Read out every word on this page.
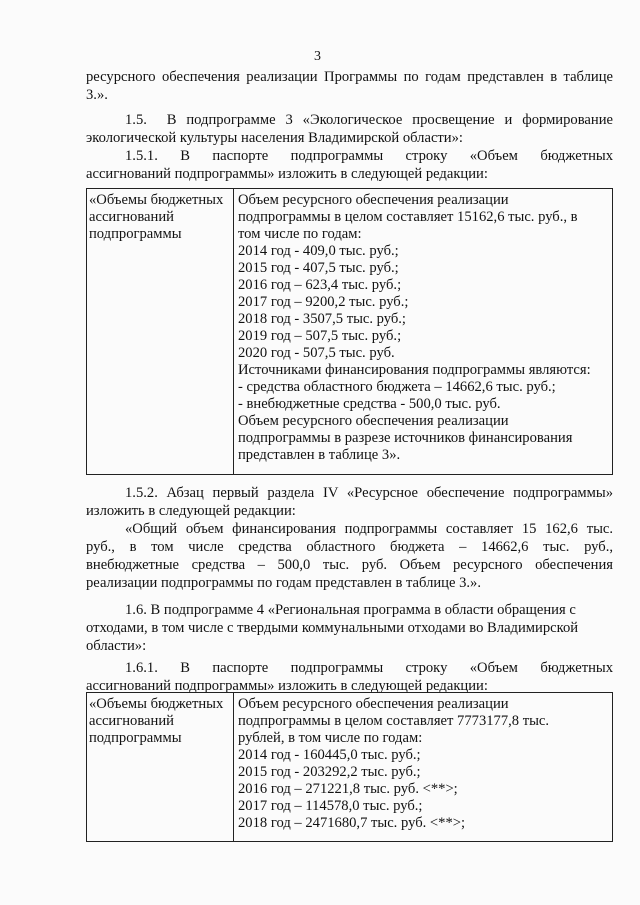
3
ресурсного обеспечения реализации Программы по годам представлен в таблице
3.».
1.5.  В подпрограмме 3 «Экологическое просвещение и формирование
экологической культуры населения Владимирской области»:
1.5.1.  В  паспорте  подпрограммы  строку  «Объем  бюджетных
ассигнований подпрограммы» изложить в следующей редакции:
«Объемы бюджетных
ассигнований
подпрограммы
Объем ресурсного обеспечения реализации
подпрограммы в целом составляет 15162,6 тыс. руб., в
том числе по годам:
2014 год - 409,0 тыс. руб.;
2015 год - 407,5 тыс. руб.;
2016 год – 623,4 тыс. руб.;
2017 год – 9200,2 тыс. руб.;
2018 год - 3507,5 тыс. руб.;
2019 год – 507,5 тыс. руб.;
2020 год - 507,5 тыс. руб.
Источниками финансирования подпрограммы являются:
- средства областного бюджета – 14662,6 тыс. руб.;
- внебюджетные средства - 500,0 тыс. руб.
Объем ресурсного обеспечения реализации
подпрограммы в разрезе источников финансирования
представлен в таблице 3».
1.5.2. Абзац первый раздела IV «Ресурсное обеспечение подпрограммы»
изложить в следующей редакции:
«Общий объем финансирования подпрограммы составляет 15 162,6 тыс.
руб., в том числе средства областного бюджета – 14662,6 тыс. руб.,
внебюджетные средства – 500,0 тыс. руб. Объем ресурсного обеспечения
реализации подпрограммы по годам представлен в таблице 3.».
1.6. В подпрограмме 4 «Региональная программа в области обращения с
отходами, в том числе с твердыми коммунальными отходами во Владимирской
области»:
1.6.1.  В  паспорте  подпрограммы  строку  «Объем  бюджетных
ассигнований подпрограммы» изложить в следующей редакции:
«Объемы бюджетных
ассигнований
подпрограммы
Объем ресурсного обеспечения реализации
подпрограммы в целом составляет 7773177,8 тыс.
рублей, в том числе по годам:
2014 год - 160445,0 тыс. руб.;
2015 год - 203292,2 тыс. руб.;
2016 год – 271221,8 тыс. руб. <**>;
2017 год – 114578,0 тыс. руб.;
2018 год – 2471680,7 тыс. руб. <**>;
